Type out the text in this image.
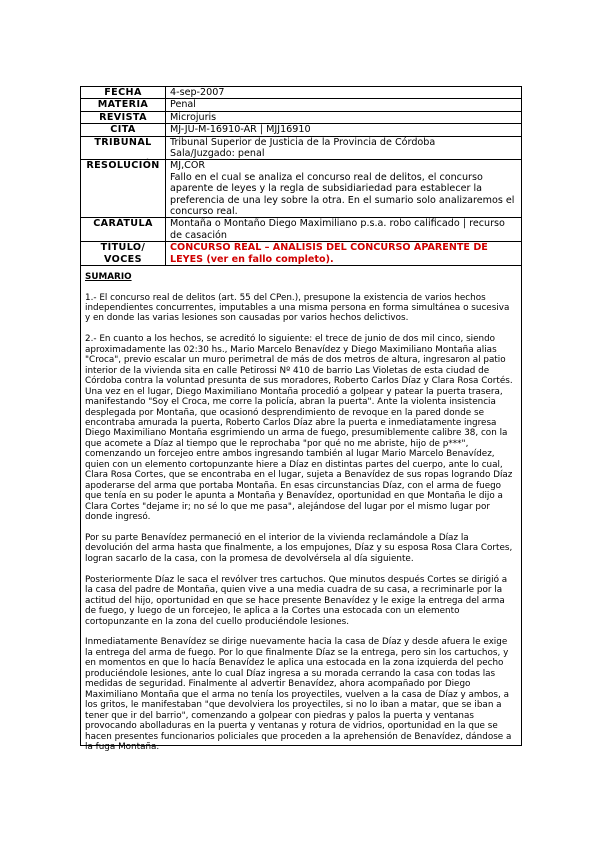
FECHA	4-sep-2007
MATERIA	Penal
REVISTA	Microjuris
CITA	MJ-JU-M-16910-AR | MJJ16910
TRIBUNAL	Tribunal Superior de Justicia de la Provincia de Córdoba
Sala/Juzgado: penal
RESOLUCIÓN	MJ,COR
Fallo en el cual se analiza el concurso real de delitos, el concurso aparente de leyes y la regla de subsidiariedad para establecer la preferencia de una ley sobre la otra. En el sumario solo analizaremos el concurso real.
CARÁTULA	Montaña o Montaño Diego Maximiliano p.s.a. robo calificado | recurso de casación
TÍTULO/ VOCES	CONCURSO REAL – ANALISIS DEL CONCURSO APARENTE DE LEYES (ver en fallo completo).
SUMARIO

1.- El concurso real de delitos (art. 55 del CPen.), presupone la existencia de varios hechos independientes concurrentes, imputables a una misma persona en forma simultánea o sucesiva y en donde las varias lesiones son causadas por varios hechos delictivos.

2.- En cuanto a los hechos, se acreditó lo siguiente: el trece de junio de dos mil cinco, siendo aproximadamente las 02:30 hs., Mario Marcelo Benavídez y Diego Maximiliano Montaña alias "Croca", previo escalar un muro perimetral de más de dos metros de altura, ingresaron al patio interior de la vivienda sita en calle Petirossi Nº 410 de barrio Las Violetas de esta ciudad de Córdoba contra la voluntad presunta de sus moradores, Roberto Carlos Díaz y Clara Rosa Cortés. Una vez en el lugar, Diego Maximiliano Montaña procedió a golpear y patear la puerta trasera, manifestando "Soy el Croca, me corre la policía, abran la puerta". Ante la violenta insistencia desplegada por Montaña, que ocasionó desprendimiento de revoque en la pared donde se encontraba amurada la puerta, Roberto Carlos Díaz abre la puerta e inmediatamente ingresa Diego Maximiliano Montaña esgrimiendo un arma de fuego, presumiblemente calibre 38, con la que acomete a Díaz al tiempo que le reprochaba "por qué no me abriste, hijo de p***", comenzando un forcejeo entre ambos ingresando también al lugar Mario Marcelo Benavídez, quien con un elemento cortopunzante hiere a Díaz en distintas partes del cuerpo, ante lo cual, Clara Rosa Cortes, que se encontraba en el lugar, sujeta a Benavídez de sus ropas logrando Díaz apoderarse del arma que portaba Montaña. En esas circunstancias Díaz, con el arma de fuego que tenía en su poder le apunta a Montaña y Benavídez, oportunidad en que Montaña le dijo a Clara Cortes "dejame ir; no sé lo que me pasa", alejándose del lugar por el mismo lugar por donde ingresó.

Por su parte Benavídez permaneció en el interior de la vivienda reclamándole a Díaz la devolución del arma hasta que finalmente, a los empujones, Díaz y su esposa Rosa Clara Cortes, logran sacarlo de la casa, con la promesa de devolvérsela al día siguiente.

Posteriormente Díaz le saca el revólver tres cartuchos. Que minutos después Cortes se dirigió a la casa del padre de Montaña, quien vive a una media cuadra de su casa, a recriminarle por la actitud del hijo, oportunidad en que se hace presente Benavídez y le exige la entrega del arma de fuego, y luego de un forcejeo, le aplica a la Cortes una estocada con un elemento cortopunzante en la zona del cuello produciéndole lesiones.

Inmediatamente Benavídez se dirige nuevamente hacia la casa de Díaz y desde afuera le exige la entrega del arma de fuego. Por lo que finalmente Díaz se la entrega, pero sin los cartuchos, y en momentos en que lo hacía Benavídez le aplica una estocada en la zona izquierda del pecho produciéndole lesiones, ante lo cual Díaz ingresa a su morada cerrando la casa con todas las medidas de seguridad. Finalmente al advertir Benavídez, ahora acompañado por Diego Maximiliano Montaña que el arma no tenía los proyectiles, vuelven a la casa de Díaz y ambos, a los gritos, le manifestaban "que devolviera los proyectiles, si no lo iban a matar, que se iban a tener que ir del barrio", comenzando a golpear con piedras y palos la puerta y ventanas provocando abolladuras en la puerta y ventanas y rotura de vidrios, oportunidad en la que se hacen presentes funcionarios policiales que proceden a la aprehensión de Benavídez, dándose a la fuga Montaña.
